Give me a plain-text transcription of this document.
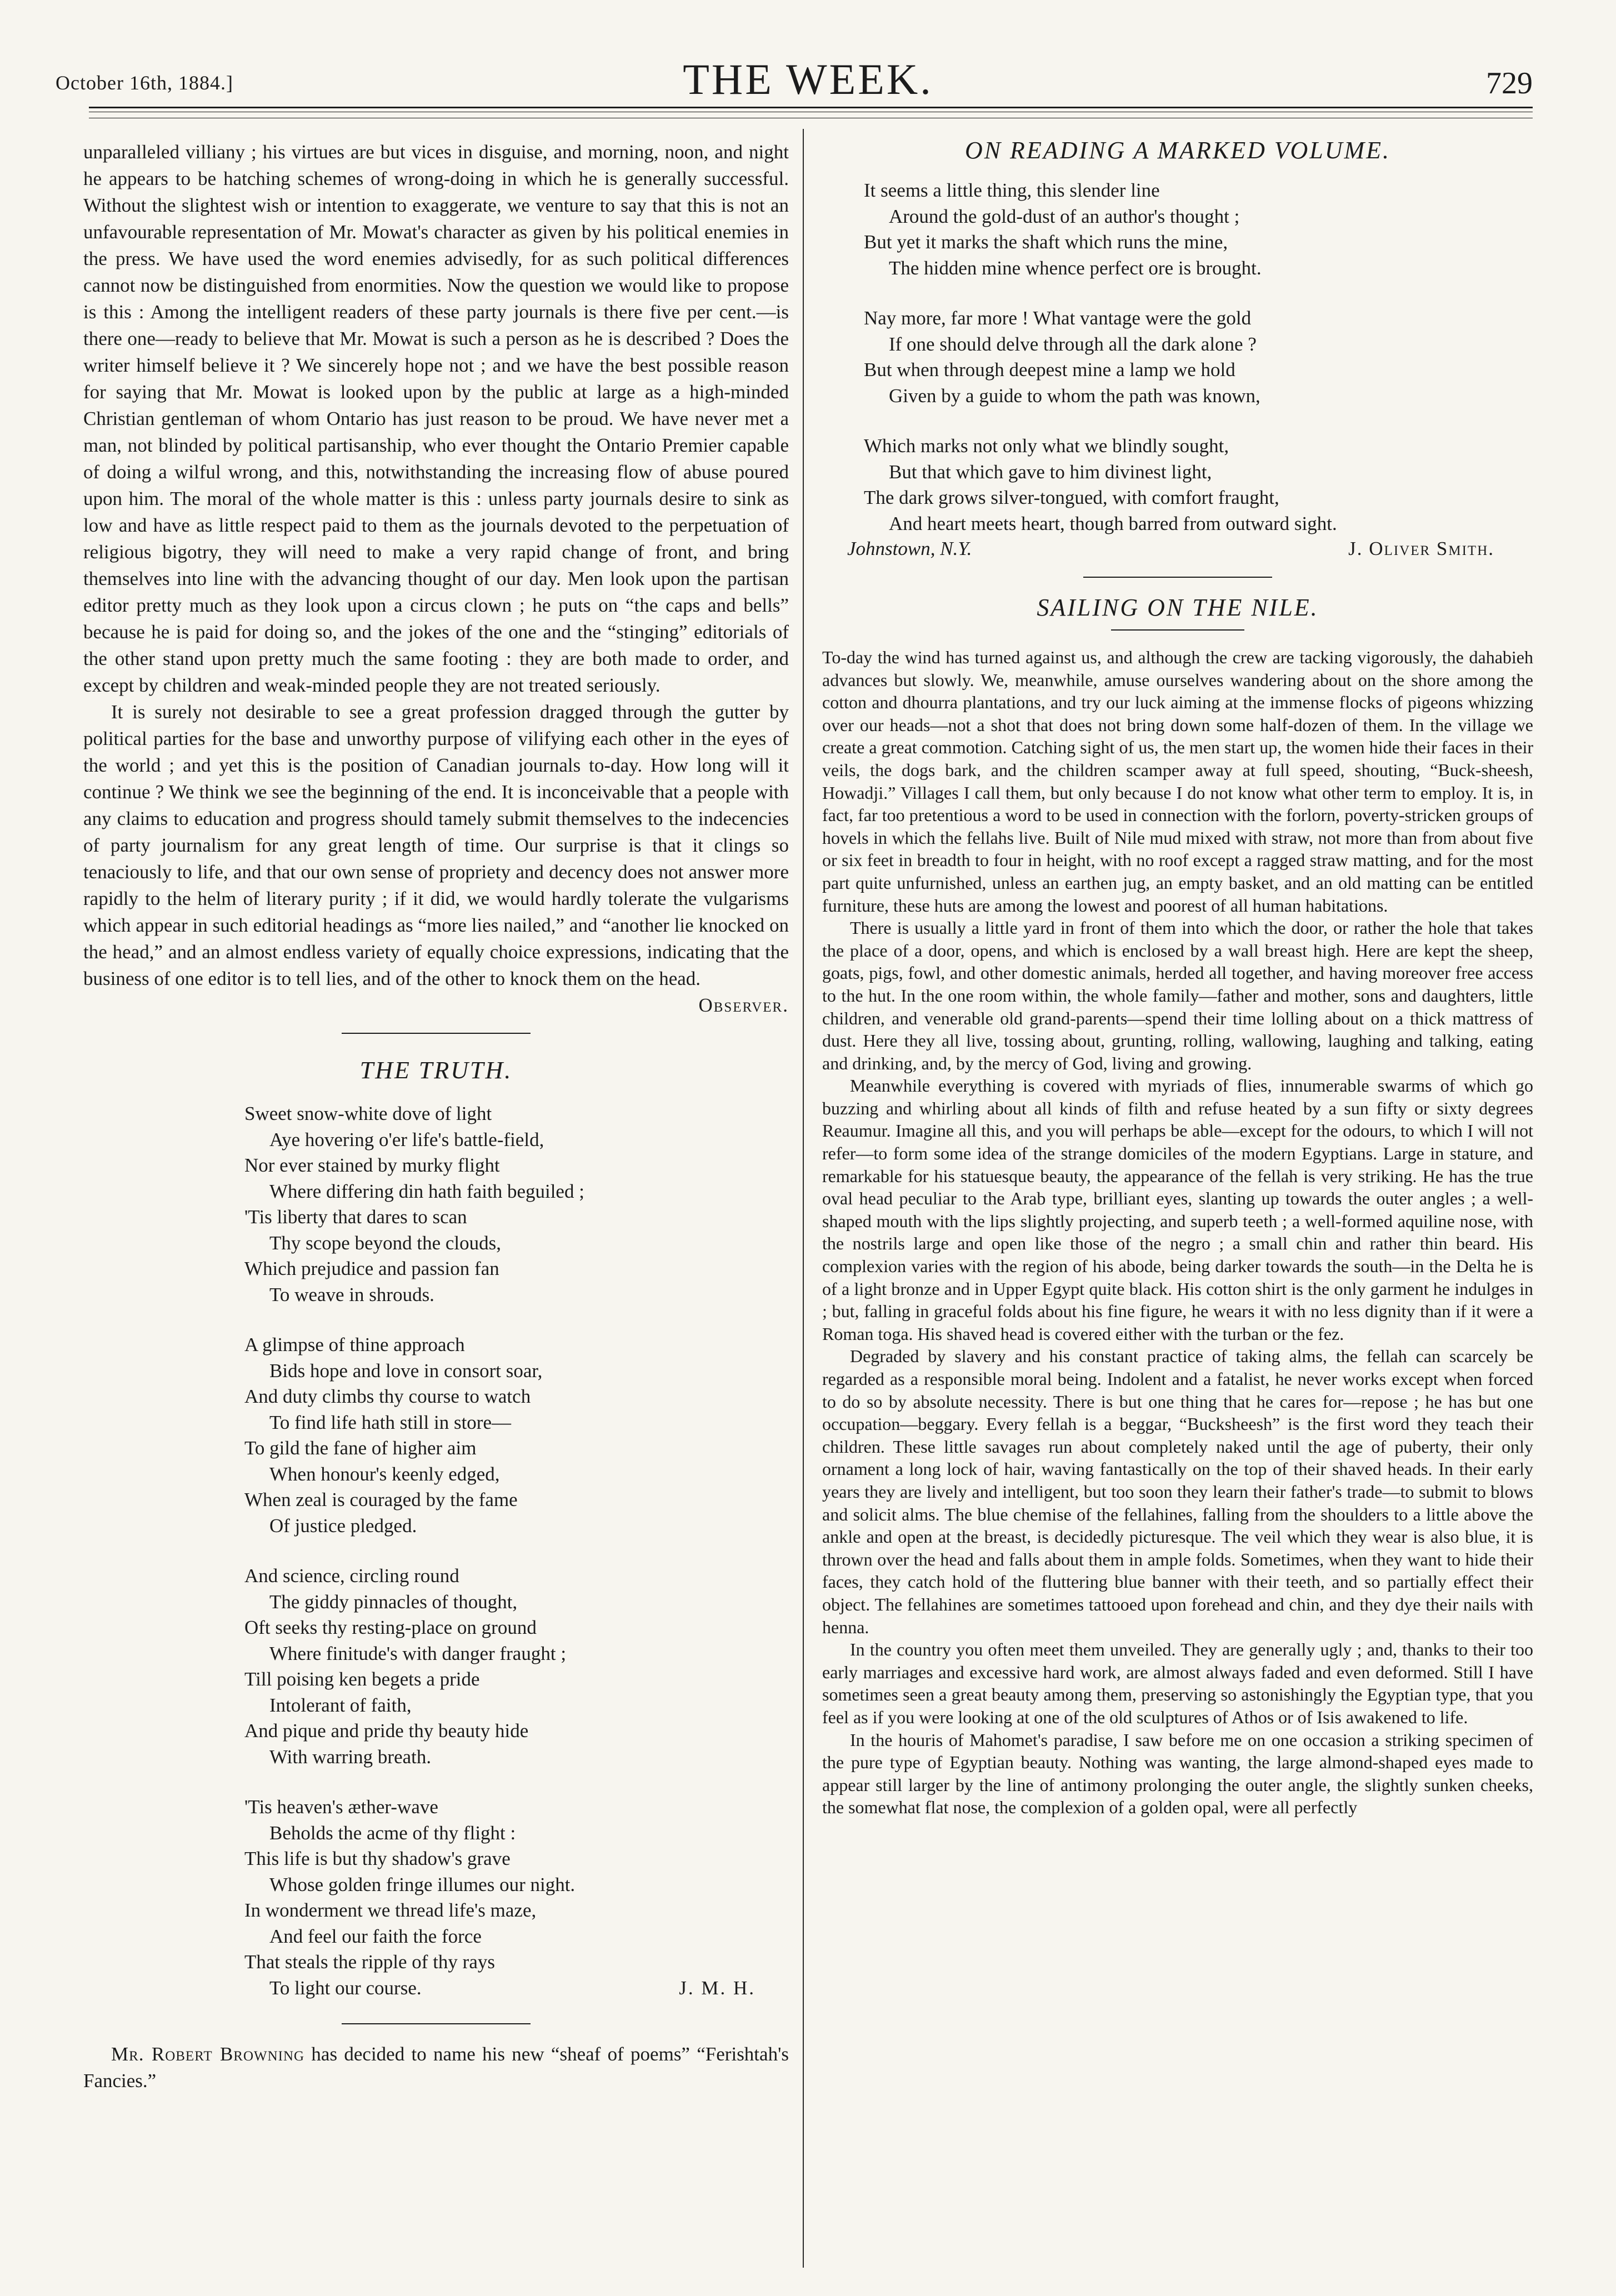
October 16th, 1884.]	THE WEEK.	729

unparalleled villiany ; his virtues are but vices in disguise, and morning, noon, and night he appears to be hatching schemes of wrong-doing in which he is generally successful. Without the slightest wish or intention to exaggerate, we venture to say that this is not an unfavourable representation of Mr. Mowat's character as given by his political enemies in the press. We have used the word enemies advisedly, for as such political differences cannot now be distinguished from enormities. Now the question we would like to propose is this : Among the intelligent readers of these party journals is there five per cent.—is there one—ready to believe that Mr. Mowat is such a person as he is described ? Does the writer himself believe it ? We sincerely hope not ; and we have the best possible reason for saying that Mr. Mowat is looked upon by the public at large as a high-minded Christian gentleman of whom Ontario has just reason to be proud. We have never met a man, not blinded by political partisanship, who ever thought the Ontario Premier capable of doing a wilful wrong, and this, notwithstanding the increasing flow of abuse poured upon him. The moral of the whole matter is this : unless party journals desire to sink as low and have as little respect paid to them as the journals devoted to the perpetuation of religious bigotry, they will need to make a very rapid change of front, and bring themselves into line with the advancing thought of our day. Men look upon the partisan editor pretty much as they look upon a circus clown ; he puts on “the caps and bells” because he is paid for doing so, and the jokes of the one and the “stinging” editorials of the other stand upon pretty much the same footing : they are both made to order, and except by children and weak-minded people they are not treated seriously.

It is surely not desirable to see a great profession dragged through the gutter by political parties for the base and unworthy purpose of vilifying each other in the eyes of the world ; and yet this is the position of Canadian journals to-day. How long will it continue ? We think we see the beginning of the end. It is inconceivable that a people with any claims to education and progress should tamely submit themselves to the indecencies of party journalism for any great length of time. Our surprise is that it clings so tenaciously to life, and that our own sense of propriety and decency does not answer more rapidly to the helm of literary purity ; if it did, we would hardly tolerate the vulgarisms which appear in such editorial headings as “more lies nailed,” and “another lie knocked on the head,” and an almost endless variety of equally choice expressions, indicating that the business of one editor is to tell lies, and of the other to knock them on the head.

Observer.

THE TRUTH.
Sweet snow-white dove of light
Aye hovering o'er life's battle-field,
Nor ever stained by murky flight
Where differing din hath faith beguiled ;
'Tis liberty that dares to scan
Thy scope beyond the clouds,
Which prejudice and passion fan
To weave in shrouds.
A glimpse of thine approach
Bids hope and love in consort soar,
And duty climbs thy course to watch
To find life hath still in store—
To gild the fane of higher aim
When honour's keenly edged,
When zeal is couraged by the fame
Of justice pledged.
And science, circling round
The giddy pinnacles of thought,
Oft seeks thy resting-place on ground
Where finitude's with danger fraught ;
Till poising ken begets a pride
Intolerant of faith,
And pique and pride thy beauty hide
With warring breath.
'Tis heaven's æther-wave
Beholds the acme of thy flight :
This life is but thy shadow's grave
Whose golden fringe illumes our night.
In wonderment we thread life's maze,
And feel our faith the force
That steals the ripple of thy rays
To light our course.	J. M. H.

Mr. Robert Browning has decided to name his new “sheaf of poems” “Ferishtah's Fancies.”

ON READING A MARKED VOLUME.
It seems a little thing, this slender line
Around the gold-dust of an author's thought ;
But yet it marks the shaft which runs the mine,
The hidden mine whence perfect ore is brought.
Nay more, far more ! What vantage were the gold
If one should delve through all the dark alone ?
But when through deepest mine a lamp we hold
Given by a guide to whom the path was known,
Which marks not only what we blindly sought,
But that which gave to him divinest light,
The dark grows silver-tongued, with comfort fraught,
And heart meets heart, though barred from outward sight.
Johnstown, N.Y.	J. Oliver Smith.
SAILING ON THE NILE.

To-day the wind has turned against us, and although the crew are tacking vigorously, the dahabieh advances but slowly. We, meanwhile, amuse ourselves wandering about on the shore among the cotton and dhourra plantations, and try our luck aiming at the immense flocks of pigeons whizzing over our heads—not a shot that does not bring down some half-dozen of them. In the village we create a great commotion. Catching sight of us, the men start up, the women hide their faces in their veils, the dogs bark, and the children scamper away at full speed, shouting, “Buck-sheesh, Howadji.” Villages I call them, but only because I do not know what other term to employ. It is, in fact, far too pretentious a word to be used in connection with the forlorn, poverty-stricken groups of hovels in which the fellahs live. Built of Nile mud mixed with straw, not more than from about five or six feet in breadth to four in height, with no roof except a ragged straw matting, and for the most part quite unfurnished, unless an earthen jug, an empty basket, and an old matting can be entitled furniture, these huts are among the lowest and poorest of all human habitations.

There is usually a little yard in front of them into which the door, or rather the hole that takes the place of a door, opens, and which is enclosed by a wall breast high. Here are kept the sheep, goats, pigs, fowl, and other domestic animals, herded all together, and having moreover free access to the hut. In the one room within, the whole family—father and mother, sons and daughters, little children, and venerable old grand-parents—spend their time lolling about on a thick mattress of dust. Here they all live, tossing about, grunting, rolling, wallowing, laughing and talking, eating and drinking, and, by the mercy of God, living and growing.

Meanwhile everything is covered with myriads of flies, innumerable swarms of which go buzzing and whirling about all kinds of filth and refuse heated by a sun fifty or sixty degrees Reaumur. Imagine all this, and you will perhaps be able—except for the odours, to which I will not refer—to form some idea of the strange domiciles of the modern Egyptians. Large in stature, and remarkable for his statuesque beauty, the appearance of the fellah is very striking. He has the true oval head peculiar to the Arab type, brilliant eyes, slanting up towards the outer angles ; a well-shaped mouth with the lips slightly projecting, and superb teeth ; a well-formed aquiline nose, with the nostrils large and open like those of the negro ; a small chin and rather thin beard. His complexion varies with the region of his abode, being darker towards the south—in the Delta he is of a light bronze and in Upper Egypt quite black. His cotton shirt is the only garment he indulges in ; but, falling in graceful folds about his fine figure, he wears it with no less dignity than if it were a Roman toga. His shaved head is covered either with the turban or the fez.

Degraded by slavery and his constant practice of taking alms, the fellah can scarcely be regarded as a responsible moral being. Indolent and a fatalist, he never works except when forced to do so by absolute necessity. There is but one thing that he cares for—repose ; he has but one occupation—beggary. Every fellah is a beggar, “Bucksheesh” is the first word they teach their children. These little savages run about completely naked until the age of puberty, their only ornament a long lock of hair, waving fantastically on the top of their shaved heads. In their early years they are lively and intelligent, but too soon they learn their father's trade—to submit to blows and solicit alms. The blue chemise of the fellahines, falling from the shoulders to a little above the ankle and open at the breast, is decidedly picturesque. The veil which they wear is also blue, it is thrown over the head and falls about them in ample folds. Sometimes, when they want to hide their faces, they catch hold of the fluttering blue banner with their teeth, and so partially effect their object. The fellahines are sometimes tattooed upon forehead and chin, and they dye their nails with henna.

In the country you often meet them unveiled. They are generally ugly ; and, thanks to their too early marriages and excessive hard work, are almost always faded and even deformed. Still I have sometimes seen a great beauty among them, preserving so astonishingly the Egyptian type, that you feel as if you were looking at one of the old sculptures of Athos or of Isis awakened to life.

In the houris of Mahomet's paradise, I saw before me on one occasion a striking specimen of the pure type of Egyptian beauty. Nothing was wanting, the large almond-shaped eyes made to appear still larger by the line of antimony prolonging the outer angle, the slightly sunken cheeks, the somewhat flat nose, the complexion of a golden opal, were all perfectly
